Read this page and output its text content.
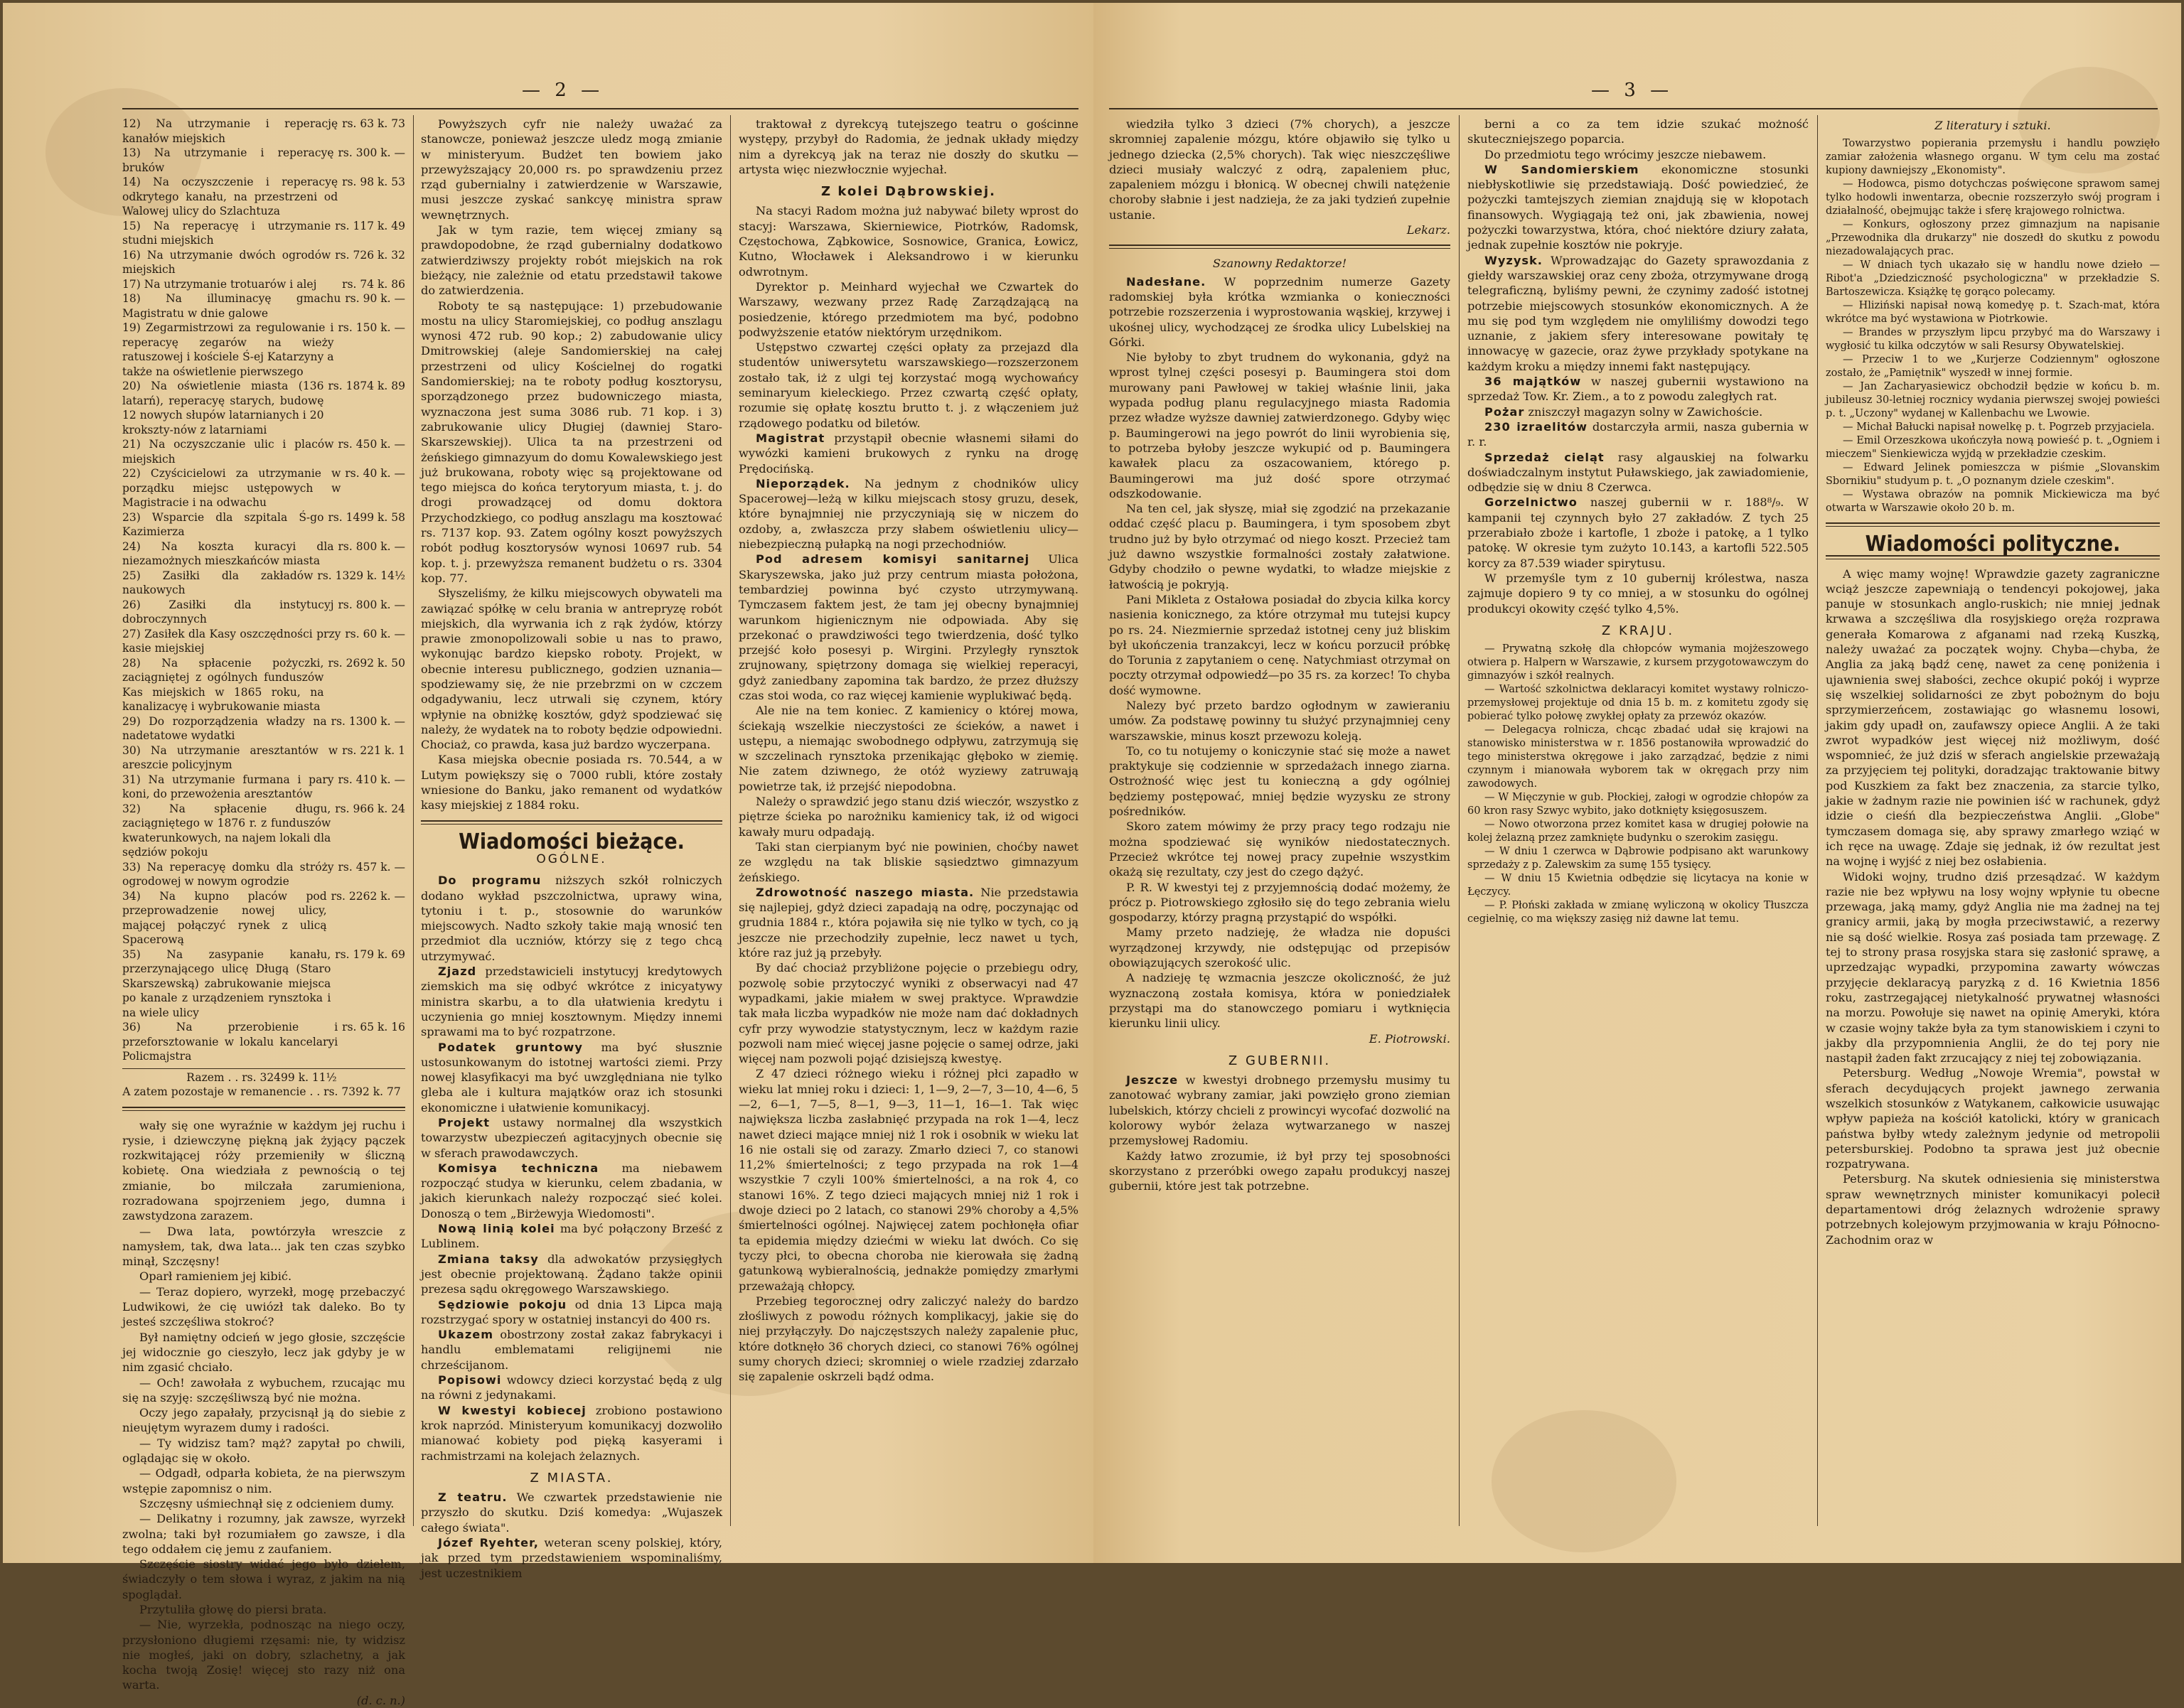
— 2 —
12) Na utrzymanie i reperację kanałów miejskich
rs. 63 k. 73
13) Na utrzymanie i reperacyę bruków
rs. 300 k. —
14) Na oczyszczenie i reperacyę odkrytego kanału, na przestrzeni od Walowej ulicy do Szlachtuza
rs. 98 k. 53
15) Na reperacyę i utrzymanie studni miejskich
rs. 117 k. 49
16) Na utrzymanie dwóch ogrodów miejskich
rs. 726 k. 32
17) Na utrzymanie trotuarów i alej	rs. 74 k. 86
18) Na illuminacyę gmachu Magistratu w dnie galowe
rs. 90 k. —
19) Zegarmistrzowi za regulowanie i reperacyę zegarów na wieży ratuszowej i kościele Ś-ej Katarzyny a także na oświetlenie pierwszego
rs. 150 k. —
20) Na oświetlenie miasta (136 latarń), reperacyę starych, budowę 12 nowych słupów latarnianych i 20 krokszty-nów z latarniami
rs. 1874 k. 89
21) Na oczyszczanie ulic i placów miejskich
rs. 450 k. —
22) Czyścicielowi za utrzymanie w porządku miejsc ustępowych w Magistracie i na odwachu
rs. 40 k. —
23) Wsparcie dla szpitala Ś-go Kazimierza
rs. 1499 k. 58
24) Na koszta kuracyi dla niezamożnych mieszkańców miasta
rs. 800 k. —
25) Zasiłki dla zakładów naukowych
rs. 1329 k. 14½
26) Zasiłki dla instytucyj dobroczynnych
rs. 800 k. —
27) Zasiłek dla Kasy oszczędności przy kasie miejskiej
rs. 60 k. —
28) Na spłacenie pożyczki, zaciągniętej z ogólnych funduszów Kas miejskich w 1865 roku, na kanalizacyę i wybrukowanie miasta
rs. 2692 k. 50
29) Do rozporządzenia władzy na nadetatowe wydatki
rs. 1300 k. —
30) Na utrzymanie aresztantów w areszcie policyjnym
rs. 221 k. 1
31) Na utrzymanie furmana i pary koni, do przewożenia aresztantów
rs. 410 k. —
32) Na spłacenie długu, zaciągniętego w 1876 r. z funduszów kwaterunkowych, na najem lokali dla sędziów pokoju
rs. 966 k. 24
33) Na reperacyę domku dla stróży ogrodowej w nowym ogrodzie
rs. 457 k. —
34) Na kupno placów pod przeprowadzenie nowej ulicy, mającej połączyć rynek z ulicą Spacerową
rs. 2262 k. —
35) Na zasypanie kanału, przerzynającego ulicę Długą (Staro Skarszewską) zabrukowanie miejsca po kanale z urządzeniem rynsztoka i na wiele ulicy
rs. 179 k. 69
36) Na przerobienie i przeforsztowanie w lokalu kancelaryi Policmajstra
rs. 65 k. 16
Razem . . rs. 32499 k. 11½
A zatem pozostaje w remanencie . . rs. 7392 k. 77

wały się one wyraźnie w każdym jej ruchu i rysie, i dziewczynę piękną jak żyjący pączek rozkwitającej róży przemieniły w śliczną kobietę. Ona wiedziała z pewnością o tej zmianie, bo milczała zarumieniona, rozradowana spojrzeniem jego, dumna i zawstydzona zarazem.

— Dwa lata, powtórzyła wreszcie z namysłem, tak, dwa lata... jak ten czas szybko minął, Szczęsny!

Oparł ramieniem jej kibić.

— Teraz dopiero, wyrzekł, mogę przebaczyć Ludwikowi, że cię uwiózł tak daleko. Bo ty jesteś szczęśliwa stokroć?

Był namiętny odcień w jego głosie, szczęście jej widocznie go cieszyło, lecz jak gdyby je w nim zgasić chciało.

— Och! zawołała z wybuchem, rzucając mu się na szyję: szczęśliwszą być nie można.

Oczy jego zapałały, przycisnął ją do siebie z nieujętym wyrazem dumy i radości.

— Ty widzisz tam? mąż? zapytał po chwili, oglądając się w około.

— Odgadł, odparła kobieta, że na pierwszym wstępie zapomnisz o nim.

Szczęsny uśmiechnął się z odcieniem dumy.

— Delikatny i rozumny, jak zawsze, wyrzekł zwolna; taki był rozumiałem go zawsze, i dla tego oddałem cię jemu z zaufaniem.

Szczęście siostry widać jego było dziełem, świadczyły o tem słowa i wyraz, z jakim na nią spoglądał.

Przytuliła głowę do piersi brata.

— Nie, wyrzekła, podnosząc na niego oczy, przysłoniono długiemi rzęsami: nie, ty widzisz nie mogłeś, jaki on dobry, szlachetny, a jak kocha twoją Zosię! więcej sto razy niż ona warta.

(d. c. n.)

Powyższych cyfr nie należy uważać za stanowcze, ponieważ jeszcze uledz mogą zmianie w ministeryum. Budżet ten bowiem jako przewyższający 20,000 rs. po sprawdzeniu przez rząd gubernialny i zatwierdzenie w Warszawie, musi jeszcze zyskać sankcyę ministra spraw wewnętrznych.

Jak w tym razie, tem więcej zmiany są prawdopodobne, że rząd gubernialny dodatkowo zatwierdziwszy projekty robót miejskich na rok bieżący, nie zależnie od etatu przedstawił takowe do zatwierdzenia.

Roboty te są następujące: 1) przebudowanie mostu na ulicy Staromiejskiej, co podług anszlagu wynosi 472 rub. 90 kop.; 2) zabudowanie ulicy Dmitrowskiej (aleje Sandomierskiej na całej przestrzeni od ulicy Kościelnej do rogatki Sandomierskiej; na te roboty podług kosztorysu, sporządzonego przez budowniczego miasta, wyznaczona jest suma 3086 rub. 71 kop. i 3) zabrukowanie ulicy Długiej (dawniej Staro-Skarszewskiej). Ulica ta na przestrzeni od żeńskiego gimnazyum do domu Kowalewskiego jest już brukowana, roboty więc są projektowane od tego miejsca do końca terytoryum miasta, t. j. do drogi prowadzącej od domu doktora Przychodzkiego, co podług anszlagu ma kosztować rs. 7137 kop. 93. Zatem ogólny koszt powyższych robót podług kosztorysów wynosi 10697 rub. 54 kop. t. j. przewyższa remanent budżetu o rs. 3304 kop. 77.

Słyszeliśmy, że kilku miejscowych obywateli ma zawiązać spółkę w celu brania w antrepryzę robót miejskich, dla wyrwania ich z rąk żydów, którzy prawie zmonopolizowali sobie u nas to prawo, wykonując bardzo kiepsko roboty. Projekt, w obecnie interesu publicznego, godzien uznania—spodziewamy się, że nie przebrzmi on w czczem odgadywaniu, lecz utrwali się czynem, który wpłynie na obniżkę kosztów, gdyż spodziewać się należy, że wydatek na to roboty będzie odpowiedni. Chociaż, co prawda, kasa już bardzo wyczerpana.

Kasa miejska obecnie posiada rs. 70.544, a w Lutym powiększy się o 7000 rubli, które zostały wniesione do Banku, jako remanent od wydatków kasy miejskiej z 1884 roku.

Wiadomości bieżące.
OGÓLNE.

Do programu niższych szkół rolniczych dodano wykład pszczolnictwa, uprawy wina, tytoniu i t. p., stosownie do warunków miejscowych. Nadto szkoły takie mają wnosić ten przedmiot dla uczniów, którzy się z tego chcą utrzymywać.

Zjazd przedstawicieli instytucyj kredytowych ziemskich ma się odbyć wkrótce z inicyatywy ministra skarbu, a to dla ułatwienia kredytu i uczynienia go mniej kosztownym. Między innemi sprawami ma to być rozpatrzone.

Podatek gruntowy ma być słusznie ustosunkowanym do istotnej wartości ziemi. Przy nowej klasyfikacyi ma być uwzględniana nie tylko gleba ale i kultura majątków oraz ich stosunki ekonomiczne i ułatwienie komunikacyj.

Projekt ustawy normalnej dla wszystkich towarzystw ubezpieczeń agitacyjnych obecnie się w sferach prawodawczych.

Komisya techniczna ma niebawem rozpocząć studya w kierunku, celem zbadania, w jakich kierunkach należy rozpocząć sieć kolei. Donoszą o tem „Birżewyja Wiedomosti".

Nową linią kolei ma być połączony Brześć z Lublinem.

Zmiana taksy dla adwokatów przysięgłych jest obecnie projektowaną. Żądano także opinii prezesa sądu okręgowego Warszawskiego.

Sędziowie pokoju od dnia 13 Lipca mają rozstrzygać spory w ostatniej instancyi do 400 rs.

Ukazem obostrzony został zakaz fabrykacyi i handlu emblematami religijnemi nie chrześcijanom.

Popisowi wdowcy dzieci korzystać będą z ulg na równi z jedynakami.

W kwestyi kobiecej zrobiono postawiono krok naprzód. Ministeryum komunikacyj dozwoliło mianować kobiety pod pięką kasyerami i rachmistrzami na kolejach żelaznych.

Z MIASTA.

Z teatru. We czwartek przedstawienie nie przyszło do skutku. Dziś komedya: „Wujaszek całego świata".

Józef Ryehter, weteran sceny polskiej, który, jak przed tym przedstawieniem wspominaliśmy, jest uczestnikiem

traktował z dyrekcyą tutejszego teatru o gościnne występy, przybył do Radomia, że jednak układy między nim a dyrekcyą jak na teraz nie doszły do skutku — artysta więc niezwłocznie wyjechał.

Z kolei Dąbrowskiej.

Na stacyi Radom można już nabywać bilety wprost do stacyj: Warszawa, Skierniewice, Piotrków, Radomsk, Częstochowa, Ząbkowice, Sosnowice, Granica, Łowicz, Kutno, Włocławek i Aleksandrowo i w kierunku odwrotnym.

Dyrektor p. Meinhard wyjechał we Czwartek do Warszawy, wezwany przez Radę Zarządzającą na posiedzenie, którego przedmiotem ma być, podobno podwyższenie etatów niektórym urzędnikom.

Ustępstwo czwartej części opłaty za przejazd dla studentów uniwersytetu warszawskiego—rozszerzonem zostało tak, iż z ulgi tej korzystać mogą wychowańcy seminaryum kieleckiego. Przez czwartą część opłaty, rozumie się opłatę kosztu brutto t. j. z włączeniem już rządowego podatku od biletów.

Magistrat przystąpił obecnie własnemi siłami do wywózki kamieni brukowych z rynku na drogę Prędocińską.

Nieporządek. Na jednym z chodników ulicy Spacerowej—leżą w kilku miejscach stosy gruzu, desek, które bynajmniej nie przyczyniają się w niczem do ozdoby, a, zwłaszcza przy słabem oświetleniu ulicy—niebezpieczną pułapką na nogi przechodniów.

Pod adresem komisyi sanitarnej Ulica Skaryszewska, jako już przy centrum miasta położona, tembardziej powinna być czysto utrzymywaną. Tymczasem faktem jest, że tam jej obecny bynajmniej warunkom higienicznym nie odpowiada. Aby się przekonać o prawdziwości tego twierdzenia, dość tylko przejść koło posesyi p. Wirgini. Przyległy rynsztok zrujnowany, spiętrzony domaga się wielkiej reperacyi, gdyż zaniedbany zapomina tak bardzo, że przez dłuższy czas stoi woda, co raz więcej kamienie wyplukiwać będą.

Ale nie na tem koniec. Z kamienicy o której mowa, ściekają wszelkie nieczystości ze ścieków, a nawet i ustępu, a niemając swobodnego odpływu, zatrzymują się w szczelinach rynsztoka przenikając głęboko w ziemię. Nie zatem dziwnego, że otóż wyziewy zatruwają powietrze tak, iż przejść niepodobna.

Należy o sprawdzić jego stanu dziś wieczór, wszystko z piętrze ścieka po narożniku kamienicy tak, iż od wigoci kawały muru odpadają.

Taki stan cierpianym być nie powinien, choćby nawet ze względu na tak bliskie sąsiedztwo gimnazyum żeńskiego.

Zdrowotność naszego miasta. Nie przedstawia się najlepiej, gdyż dzieci zapadają na odrę, poczynając od grudnia 1884 r., która pojawiła się nie tylko w tych, co ją jeszcze nie przechodziły zupełnie, lecz nawet u tych, które raz już ją przebyły.

By dać chociaż przybliżone pojęcie o przebiegu odry, pozwolę sobie przytoczyć wyniki z obserwacyi nad 47 wypadkami, jakie miałem w swej praktyce. Wprawdzie tak mała liczba wypadków nie może nam dać dokładnych cyfr przy wywodzie statystycznym, lecz w każdym razie pozwoli nam mieć więcej jasne pojęcie o samej odrze, jaki więcej nam pozwoli pojąć dzisiejszą kwestyę.

Z 47 dzieci różnego wieku i różnej płci zapadło w wieku lat mniej roku i dzieci: 1, 1—9, 2—7, 3—10, 4—6, 5—2, 6—1, 7—5, 8—1, 9—3, 11—1, 16—1. Tak więc największa liczba zasłabnięć przypada na rok 1—4, lecz nawet dzieci mające mniej niż 1 rok i osobnik w wieku lat 16 nie ostali się od zarazy. Zmarło dzieci 7, co stanowi 11,2% śmiertelności; z tego przypada na rok 1—4 wszystkie 7 czyli 100% śmiertelności, a na rok 4, co stanowi 16%. Z tego dzieci mających mniej niż 1 rok i dwoje dzieci po 2 latach, co stanowi 29% choroby a 4,5% śmiertelności ogólnej. Najwięcej zatem pochłonęła ofiar ta epidemia między dziećmi w wieku lat dwóch. Co się tyczy płci, to obecna choroba nie kierowała się żadną gatunkową wybieralnością, jednakże pomiędzy zmarłymi przeważają chłopcy.

Przebieg tegorocznej odry zaliczyć należy do bardzo złośliwych z powodu różnych komplikacyj, jakie się do niej przyłączyły. Do najczęstszych należy zapalenie płuc, które dotknęło 36 chorych dzieci, co stanowi 76% ogólnej sumy chorych dzieci; skromniej o wiele rzadziej zdarzało się zapalenie oskrzeli bądź odma.

— 3 —

wiedziła tylko 3 dzieci (7% chorych), a jeszcze skromniej zapalenie mózgu, które objawiło się tylko u jednego dziecka (2,5% chorych). Tak więc nieszczęśliwe dzieci musiały walczyć z odrą, zapaleniem płuc, zapaleniem mózgu i błonicą. W obecnej chwili natężenie choroby słabnie i jest nadzieja, że za jaki tydzień zupełnie ustanie.

Lekarz.
Szanowny Redaktorze!

Nadesłane. W poprzednim numerze Gazety radomskiej była krótka wzmianka o konieczności potrzebie rozszerzenia i wyprostowania wąskiej, krzywej i ukośnej ulicy, wychodzącej ze środka ulicy Lubelskiej na Górki.

Nie byłoby to zbyt trudnem do wykonania, gdyż na wprost tylnej części posesyi p. Baumingera stoi dom murowany pani Pawłowej w takiej właśnie linii, jaka wypada podług planu regulacyjnego miasta Radomia przez władze wyższe dawniej zatwierdzonego. Gdyby więc p. Baumingerowi na jego powrót do linii wyrobienia się, to potrzeba byłoby jeszcze wykupić od p. Baumingera kawałek placu za oszacowaniem, którego p. Baumingerowi ma już dość spore otrzymać odszkodowanie.

Na ten cel, jak słyszę, miał się zgodzić na przekazanie oddać część placu p. Baumingera, i tym sposobem zbyt trudno już by było otrzymać od niego koszt. Przecież tam już dawno wszystkie formalności zostały załatwione. Gdyby chodziło o pewne wydatki, to władze miejskie z łatwością je pokryją.

Pani Mikleta z Ostałowa posiadał do zbycia kilka korcy nasienia konicznego, za które otrzymał mu tutejsi kupcy po rs. 24. Niezmiernie sprzedaż istotnej ceny już bliskim był ukończenia tranzakcyi, lecz w końcu porzucił próbkę do Torunia z zapytaniem o cenę. Natychmiast otrzymał on poczty otrzymał odpowiedź—po 35 rs. za korzec! To chyba dość wymowne.

Nalezy być przeto bardzo ogłodnym w zawieraniu umów. Za podstawę powinny tu służyć przynajmniej ceny warszawskie, minus koszt przewozu koleją.

To, co tu notujemy o koniczynie stać się może a nawet praktykuje się codziennie w sprzedażach innego ziarna. Ostrożność więc jest tu konieczną a gdy ogólniej będziemy postępować, mniej będzie wyzysku ze strony pośredników.

Skoro zatem mówimy że przy pracy tego rodzaju nie można spodziewać się wyników niedostatecznych. Przecież wkrótce tej nowej pracy zupełnie wszystkim okażą się rezultaty, czy jest do czego dążyć.

P. R. W kwestyi tej z przyjemnością dodać możemy, że prócz p. Piotrowskiego zgłosiło się do tego zebrania wielu gospodarzy, którzy pragną przystąpić do współki.

Mamy przeto nadzieję, że władza nie dopuści wyrządzonej krzywdy, nie odstępując od przepisów obowiązujących szerokość ulic.

A nadzieję tę wzmacnia jeszcze okoliczność, że już wyznaczoną została komisya, która w poniedziałek przystąpi ma do stanowczego pomiaru i wytknięcia kierunku linii ulicy.

E. Piotrowski.
Z GUBERNII.

Jeszcze w kwestyi drobnego przemysłu musimy tu zanotować wybrany zamiar, jaki powzięło grono ziemian lubelskich, którzy chcieli z prowincyi wycofać dozwolić na kolorowy wybór żelaza wytwarzanego w naszej przemysłowej Radomiu.

Każdy łatwo zrozumie, iż był przy tej sposobności skorzystano z przeróbki owego zapału produkcyj naszej gubernii, które jest tak potrzebne.

berni a co za tem idzie szukać możność skuteczniejszego poparcia.

Do przedmiotu tego wrócimy jeszcze niebawem.

W Sandomierskiem ekonomiczne stosunki niebłyskotliwie się przedstawiają. Dość powiedzieć, że pożyczki tamtejszych ziemian znajdują się w kłopotach finansowych. Wygiągają też oni, jak zbawienia, nowej pożyczki towarzystwa, która, choć niektóre dziury załata, jednak zupełnie kosztów nie pokryje.

Wyzysk. Wprowadzając do Gazety sprawozdania z giełdy warszawskiej oraz ceny zboża, otrzymywane drogą telegraficzną, byliśmy pewni, że czynimy zadość istotnej potrzebie miejscowych stosunków ekonomicznych. A że mu się pod tym względem nie omyliliśmy dowodzi tego uznanie, z jakiem sfery interesowane powitały tę innowacyę w gazecie, oraz żywe przykłady spotykane na każdym kroku a między innemi fakt następujący.

36 majątków w naszej gubernii wystawiono na sprzedaż Tow. Kr. Ziem., a to z powodu zaległych rat.

Pożar zniszczył magazyn solny w Zawichoście.

230 izraelitów dostarczyła armii, nasza gubernia w r. r.

Sprzedaż cieląt rasy algauskiej na folwarku doświadczalnym instytut Puławskiego, jak zawiadomienie, odbędzie się w dniu 8 Czerwca.

Gorzelnictwo naszej gubernii w r. 188⁸/₉. W kampanii tej czynnych było 27 zakładów. Z tych 25 przerabiało zboże i kartofle, 1 zboże i patokę, a 1 tylko patokę. W okresie tym zużyto 10.143, a kartofli 522.505 korcy za 87.539 wiader spirytusu.

W przemyśle tym z 10 gubernij królestwa, nasza zajmuje dopiero 9 ty co mniej, a w stosunku do ogólnej produkcyi okowity część tylko 4,5%.

Z KRAJU.

— Prywatną szkołę dla chłopców wymania mojżeszowego otwiera p. Halpern w Warszawie, z kursem przygotowawczym do gimnazyów i szkół realnych.

— Wartość szkolnictwa deklaracyi komitet wystawy rolniczo-przemysłowej projektuje od dnia 15 b. m. z komitetu zgody się pobierać tylko połowę zwykłej opłaty za przewóz okazów.

— Delegacya rolnicza, chcąc zbadać udał się krajowi na stanowisko ministerstwa w r. 1856 postanowiła wprowadzić do tego ministerstwa okręgowe i jako zarządzać, będzie z nimi czynnym i mianowała wyborem tak w okręgach przy nim zawodowych.

— W Mięczynie w gub. Płockiej, załogi w ogrodzie chłopów za 60 kron rasy Szwyc wybito, jako dotknięty księgosuszem.

— Nowo otworzona przez komitet kasa w drugiej połowie na kolej żelazną przez zamknięte budynku o szerokim zasięgu.

— W dniu 1 czerwca w Dąbrowie podpisano akt warunkowy sprzedaży z p. Zalewskim za sumę 155 tysięcy.

— W dniu 15 Kwietnia odbędzie się licytacya na konie w Łęczycy.

— P. Płoński zakłada w zmianę wyliczoną w okolicy Tłuszcza cegielnię, co ma większy zasięg niż dawne lat temu.

Z literatury i sztuki.

Towarzystwo popierania przemysłu i handlu powzięło zamiar założenia własnego organu. W tym celu ma zostać kupiony dawniejszy „Ekonomisty".

— Hodowca, pismo dotychczas poświęcone sprawom samej tylko hodowli inwentarza, obecnie rozszerzyło swój program i działalność, obejmując także i sferę krajowego rolnictwa.

— Konkurs, ogłoszony przez gimnazjum na napisanie „Przewodnika dla drukarzy" nie doszedł do skutku z powodu niezadowalających prac.

— W dniach tych ukazało się w handlu nowe dzieło — Ribot'a „Dziedziczność psychologiczna" w przekładzie S. Bartoszewicza. Książkę tę gorąco polecamy.

— Hliziński napisał nową komedyę p. t. Szach-mat, która wkrótce ma być wystawiona w Piotrkowie.

— Brandes w przyszłym lipcu przybyć ma do Warszawy i wygłosić tu kilka odczytów w sali Resursy Obywatelskiej.

— Przeciw 1 to we „Kurjerze Codziennym" ogłoszone zostało, że „Pamiętnik" wyszedł w innej formie.

— Jan Zacharyasiewicz obchodził będzie w końcu b. m. jubileusz 30-letniej rocznicy wydania pierwszej swojej powieści p. t. „Uczony" wydanej w Kallenbachu we Lwowie.

— Michał Bałucki napisał nowelkę p. t. Pogrzeb przyjaciela.

— Emil Orzeszkowa ukończyła nową powieść p. t. „Ogniem i mieczem" Sienkiewicza wyjdą w przekładzie czeskim.

— Edward Jelinek pomieszcza w piśmie „Slovanskim Sbornikiu" studyum p. t. „O poznanym dziele czeskim".

— Wystawa obrazów na pomnik Mickiewicza ma być otwarta w Warszawie około 20 b. m.

Wiadomości polityczne.

A więc mamy wojnę! Wprawdzie gazety zagraniczne wciąż jeszcze zapewniają o tendencyi pokojowej, jaka panuje w stosunkach anglo-ruskich; nie mniej jednak krwawa a szczęśliwa dla rosyjskiego oręża rozprawa generała Komarowa z afganami nad rzeką Kuszką, należy uważać za początek wojny. Chyba—chyba, że Anglia za jaką bądź cenę, nawet za cenę poniżenia i ujawnienia swej słabości, zechce okupić pokój i wyprze się wszelkiej solidarności ze zbyt pobożnym do boju sprzymierzeńcem, zostawiając go własnemu losowi, jakim gdy upadł on, zaufawszy opiece Anglii. A że taki zwrot wypadków jest więcej niż możliwym, dość wspomnieć, że już dziś w sferach angielskie przeważają za przyjęciem tej polityki, doradzając traktowanie bitwy pod Kuszkiem za fakt bez znaczenia, za starcie tylko, jakie w żadnym razie nie powinien iść w rachunek, gdyż idzie o cieśń dla bezpieczeństwa Anglii. „Globe" tymczasem domaga się, aby sprawy zmarłego wziąć w ich ręce na uwagę. Zdaje się jednak, iż ów rezultat jest na wojnę i wyjść z niej bez osłabienia.

Widoki wojny, trudno dziś przesądzać. W każdym razie nie bez wpływu na losy wojny wpłynie tu obecne przewaga, jaką mamy, gdyż Anglia nie ma żadnej na tej granicy armii, jaką by mogła przeciwstawić, a rezerwy nie są dość wielkie. Rosya zaś posiada tam przewagę. Z tej to strony prasa rosyjska stara się zasłonić sprawę, a uprzedzając wypadki, przypomina zawarty wówczas przyjęcie deklaracyą paryzką z d. 16 Kwietnia 1856 roku, zastrzegającej nietykalność prywatnej własności na morzu. Powołuje się nawet na opinię Ameryki, która w czasie wojny także była za tym stanowiskiem i czyni to jakby dla przypomnienia Anglii, że do tej pory nie nastąpił żaden fakt zrzucający z niej tej zobowiązania.

Petersburg. Według „Nowoje Wremia", powstał w sferach decydujących projekt jawnego zerwania wszelkich stosunków z Watykanem, całkowicie usuwając wpływ papieża na kościół katolicki, który w granicach państwa byłby wtedy zależnym jedynie od metropolii petersburskiej. Podobno ta sprawa jest już obecnie rozpatrywana.

Petersburg. Na skutek odniesienia się ministerstwa spraw wewnętrznych minister komunikacyi polecił departamentowi dróg żelaznych wdrożenie sprawy potrzebnych kolejowym przyjmowania w kraju Północno-Zachodnim oraz w
